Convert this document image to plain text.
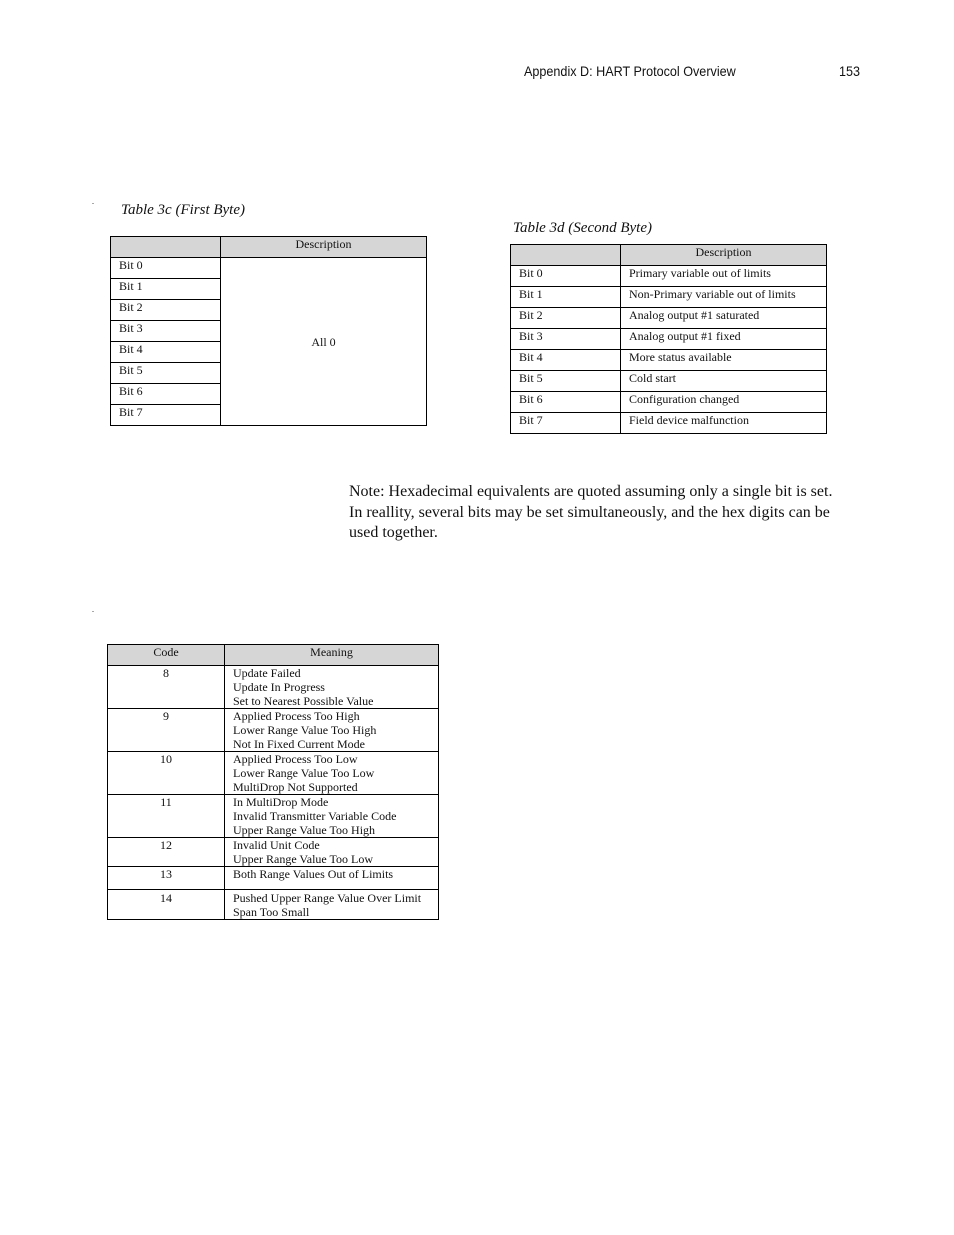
Appendix D: HART Protocol Overview	153
.
Table 3c (First Byte)
	Description
Bit 0	All 0
Bit 1	
Bit 2	
Bit 3	
Bit 4	
Bit 5	
Bit 6	
Bit 7	
Table 3d (Second Byte)
	Description
Bit 0	Primary variable out of limits
Bit 1	Non-Primary variable out of limits
Bit 2	Analog output #1 saturated
Bit 3	Analog output #1 fixed
Bit 4	More status available
Bit 5	Cold start
Bit 6	Configuration changed
Bit 7	Field device malfunction
Note: Hexadecimal equivalents are quoted assuming only a single bit is set. In reallity, several bits may be set simultaneously, and the hex digits can be used together.
.
Code	Meaning
8	Update Failed
Update In Progress
Set to Nearest Possible Value

9	Applied Process Too High
Lower Range Value Too High
Not In Fixed Current Mode

10	Applied Process Too Low
Lower Range Value Too Low
MultiDrop Not Supported

11	In MultiDrop Mode
Invalid Transmitter Variable Code
Upper Range Value Too High

12	Invalid Unit Code
Upper Range Value Too Low

13	Both Range Values Out of Limits

14	Pushed Upper Range Value Over Limit
Span Too Small
